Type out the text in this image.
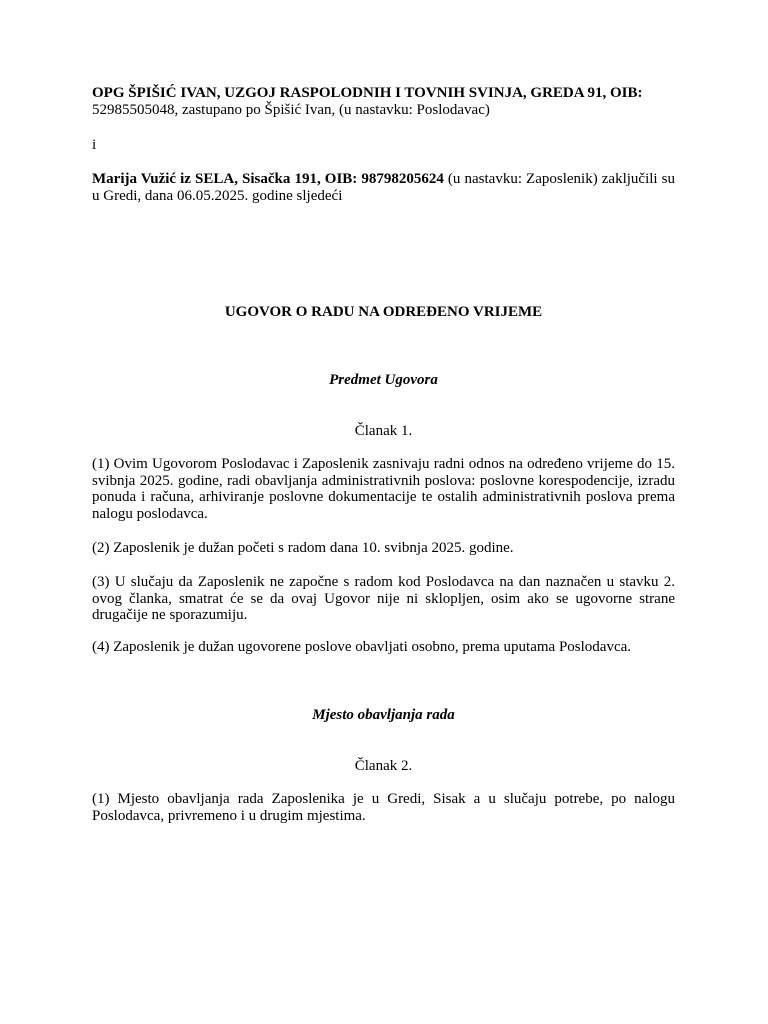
OPG ŠPIŠIĆ IVAN, UZGOJ RASPOLODNIH I TOVNIH SVINJA, GREDA 91, OIB:
52985505048, zastupano po Špišić Ivan, (u nastavku: Poslodavac)

i

Marija Vužić iz SELA, Sisačka 191, OIB: 98798205624 (u nastavku: Zaposlenik) zaključili su u Gredi, dana 06.05.2025. godine sljedeći

UGOVOR O RADU NA ODREĐENO VRIJEME

Predmet Ugovora

Članak 1.

(1) Ovim Ugovorom Poslodavac i Zaposlenik zasnivaju radni odnos na određeno vrijeme do 15. svibnja 2025. godine, radi obavljanja administrativnih poslova: poslovne korespodencije, izradu ponuda i računa, arhiviranje poslovne dokumentacije te ostalih administrativnih poslova prema nalogu poslodavca.

(2) Zaposlenik je dužan početi s radom dana 10. svibnja 2025. godine.

(3) U slučaju da Zaposlenik ne započne s radom kod Poslodavca na dan naznačen u stavku 2. ovog članka, smatrat će se da ovaj Ugovor nije ni sklopljen, osim ako se ugovorne strane drugačije ne sporazumiju.

(4) Zaposlenik je dužan ugovorene poslove obavljati osobno, prema uputama Poslodavca.

Mjesto obavljanja rada

Članak 2.

(1) Mjesto obavljanja rada Zaposlenika je u Gredi, Sisak a u slučaju potrebe, po nalogu Poslodavca, privremeno i u drugim mjestima.
